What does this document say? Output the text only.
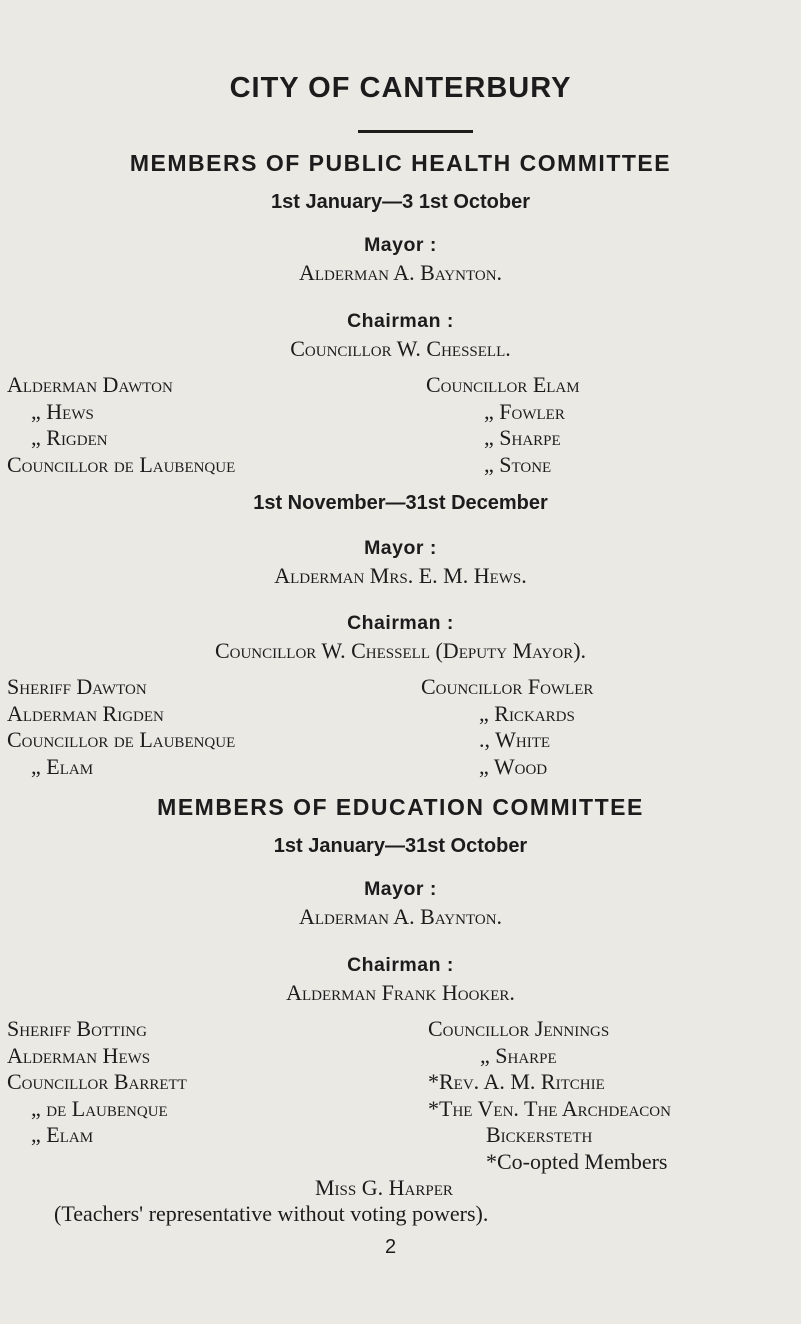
CITY OF CANTERBURY
MEMBERS OF PUBLIC HEALTH COMMITTEE
1st January—3 1st October
Mayor :
Alderman A. Baynton.
Chairman :
Councillor W. Chessell.
Alderman Dawton
„ Hews
„ Rigden
Councillor de Laubenque
Councillor Elam
„ Fowler
„ Sharpe
„ Stone
1st November—31st December
Mayor :
Alderman Mrs. E. M. Hews.
Chairman :
Councillor W. Chessell (Deputy Mayor).
Sheriff Dawton
Alderman Rigden
Councillor de Laubenque
„ Elam
Councillor Fowler
„ Rickards
., White
„ Wood
MEMBERS OF EDUCATION COMMITTEE
1st January—31st October
Mayor :
Alderman A. Baynton.
Chairman :
Alderman Frank Hooker.
Sheriff Botting
Alderman Hews
Councillor Barrett
„ de Laubenque
„ Elam
Councillor Jennings
„ Sharpe
*Rev. A. M. Ritchie
*The Ven. The Archdeacon
Bickersteth
*Co-opted Members
Miss G. Harper
(Teachers' representative without voting powers).
2
